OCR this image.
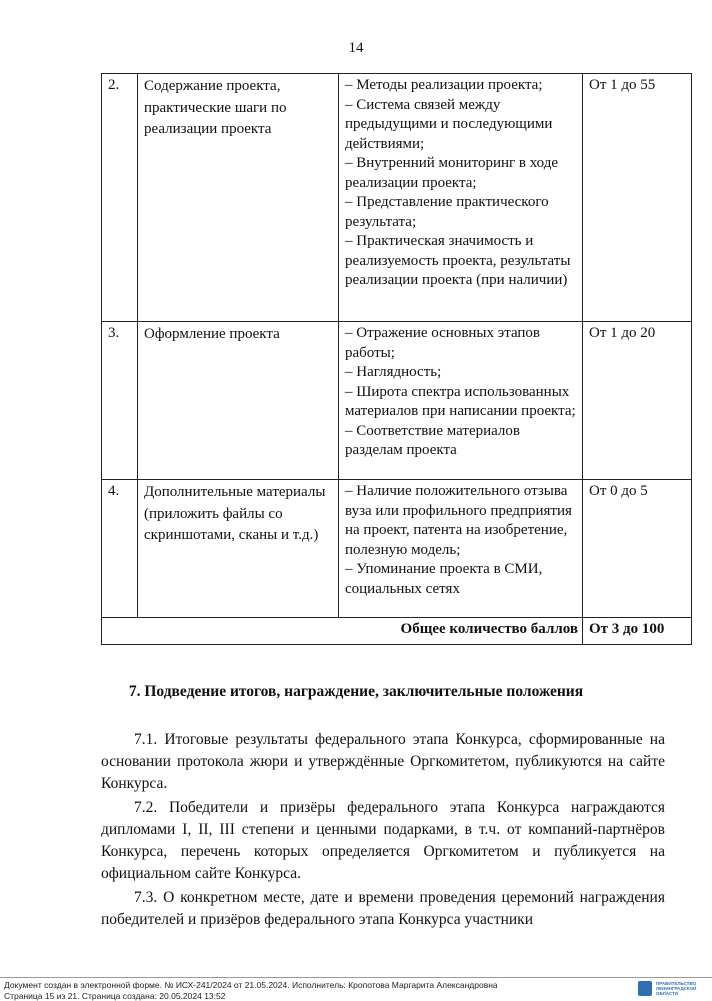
14
2.	Содержание проекта, практические шаги по реализации проекта	– Методы реализации проекта;
– Система связей между предыдущими и последующими действиями;
– Внутренний мониторинг в ходе реализации проекта;
– Представление практического результата;
– Практическая значимость и реализуемость проекта, результаты реализации проекта (при наличии)	От 1 до 55
3.	Оформление проекта	– Отражение основных этапов работы;
– Наглядность;
– Широта спектра использованных материалов при написании проекта;
– Соответствие материалов разделам проекта	От 1 до 20
4.	Дополнительные материалы (приложить файлы со скриншотами, сканы и т.д.)	– Наличие положительного отзыва вуза или профильного предприятия на проект, патента на изобретение, полезную модель;
– Упоминание проекта в СМИ, социальных сетях	От 0 до 5
Общее количество баллов			От 3 до 100
7. Подведение итогов, награждение, заключительные положения

7.1. Итоговые результаты федерального этапа Конкурса, сформированные на основании протокола жюри и утверждённые Оргкомитетом, публикуются на сайте Конкурса.

7.2. Победители и призёры федерального этапа Конкурса награждаются дипломами I, II, III степени и ценными подарками, в т.ч. от компаний-партнёров Конкурса, перечень которых определяется Оргкомитетом и публикуется на официальном сайте Конкурса.

7.3. О конкретном месте, дате и времени проведения церемоний награждения победителей и призёров федерального этапа Конкурса участники

Документ создан в электронной форме. № ИСХ-241/2024 от 21.05.2024. Исполнитель: Кропотова Маргарита Александровна
Страница 15 из 21. Страница создана: 20.05.2024 13:52
ПРАВИТЕЛЬСТВО ЛЕНИНГРАДСКОЙ ОБЛАСТИ
